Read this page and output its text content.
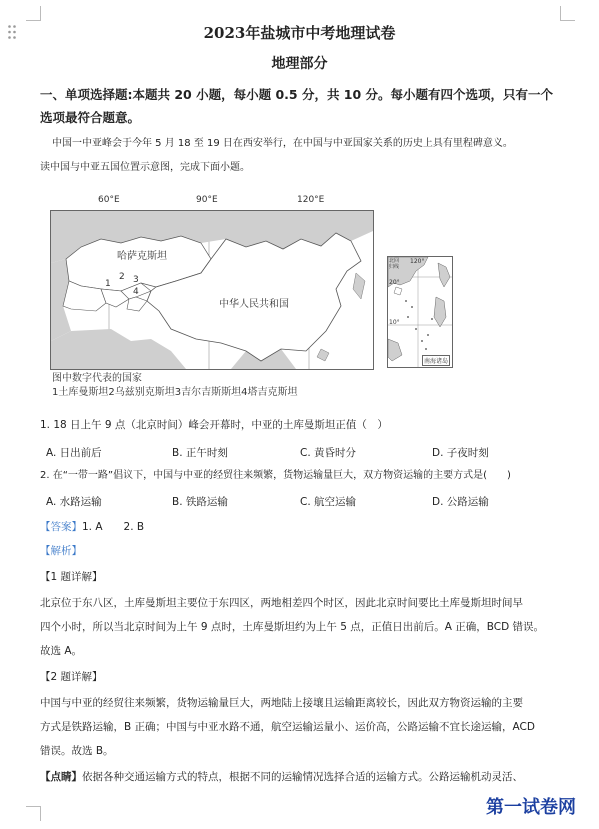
2023年盐城市中考地理试卷
地理部分
一、单项选择题:本题共 20 小题，每小题 0.5 分，共 10 分。每小题有四个选项，只有一个选项最符合题意。
中国一中亚峰会于今年 5 月 18 至 19 日在西安举行，在中国与中亚国家关系的历史上具有里程碑意义。
读中国与中亚五国位置示意图，完成下面小题。
60°E	90°E	120°E
哈萨克斯坦
中华人民共和国
1
2 3
4
北回归线
120°
20°
10°
南海诸岛
图中数字代表的国家
1土库曼斯坦2乌兹别克斯坦3吉尔吉斯斯坦4塔吉克斯坦
1. 18 日上午 9 点（北京时间）峰会开幕时，中亚的土库曼斯坦正值（　）
A. 日出前后	B. 正午时刻	C. 黄昏时分	D. 子夜时刻
2. 在“一带一路”倡议下，中国与中亚的经贸往来频繁，货物运输量巨大，双方物资运输的主要方式是(　　)
A. 水路运输	B. 铁路运输	C. 航空运输	D. 公路运输
【答案】1. A　　2. B
【解析】
【1 题详解】
北京位于东八区，土库曼斯坦主要位于东四区，两地相差四个时区，因此北京时间要比土库曼斯坦时间早
四个小时，所以当北京时间为上午 9 点时，土库曼斯坦约为上午 5 点，正值日出前后。A 正确，BCD 错误。
故选 A。
【2 题详解】
中国与中亚的经贸往来频繁，货物运输量巨大，两地陆上接壤且运输距离较长，因此双方物资运输的主要
方式是铁路运输，B 正确；中国与中亚水路不通，航空运输运量小、运价高，公路运输不宜长途运输，ACD
错误。故选 B。
【点睛】依据各种交通运输方式的特点，根据不同的运输情况选择合适的运输方式。公路运输机动灵活、
第一试卷网
